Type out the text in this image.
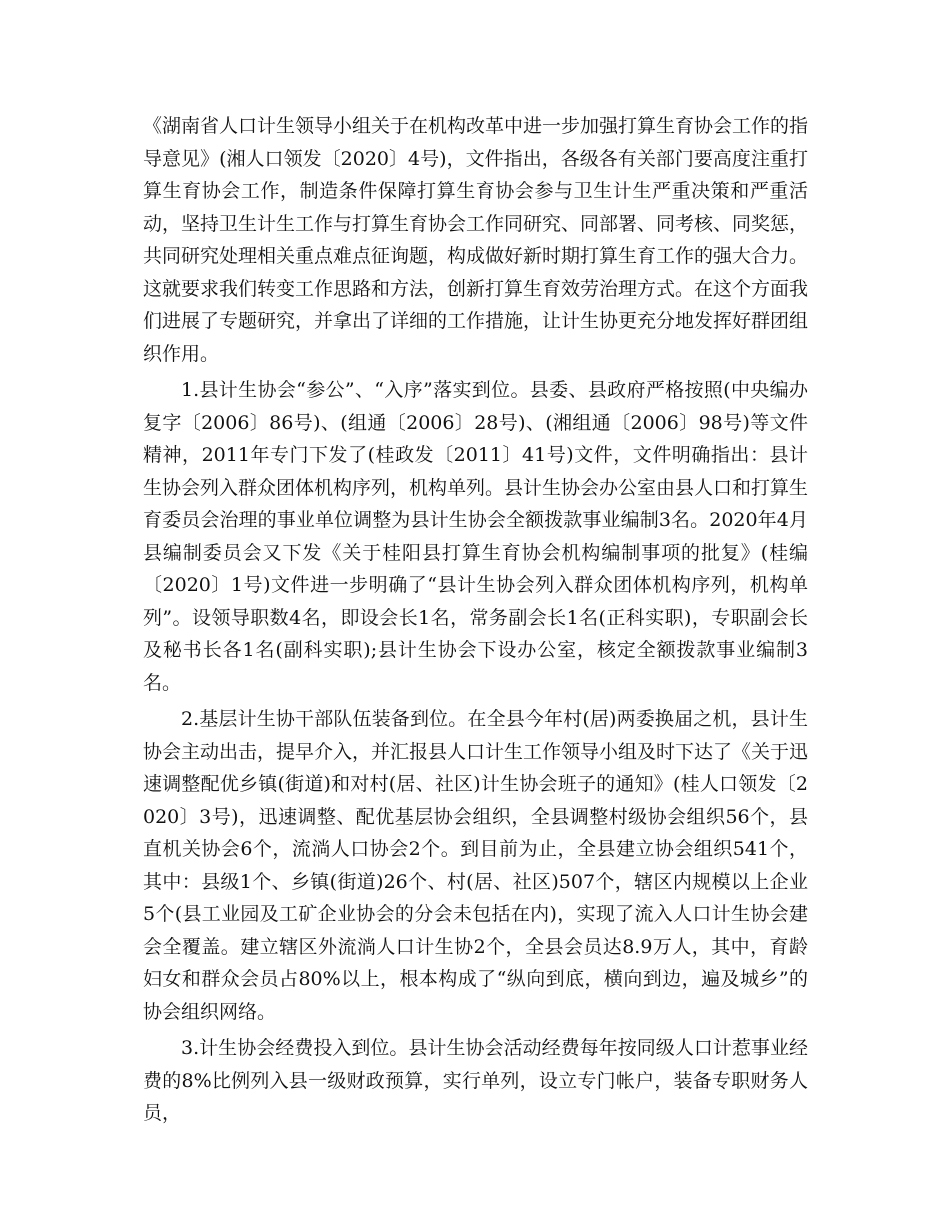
《湖南省人口计生领导小组关于在机构改革中进一步加强打算生育协会工作的指导意见》(湘人口领发〔2020〕4号)，文件指出，各级各有关部门要高度注重打算生育协会工作，制造条件保障打算生育协会参与卫生计生严重决策和严重活动，坚持卫生计生工作与打算生育协会工作同研究、同部署、同考核、同奖惩，共同研究处理相关重点难点征询题，构成做好新时期打算生育工作的强大合力。这就要求我们转变工作思路和方法，创新打算生育效劳治理方式。在这个方面我们进展了专题研究，并拿出了详细的工作措施，让计生协更充分地发挥好群团组织作用。

1.县计生协会“参公”、“入序”落实到位。县委、县政府严格按照(中央编办复字〔2006〕86号)、(组通〔2006〕28号)、(湘组通〔2006〕98号)等文件精神，2011年专门下发了(桂政发〔2011〕41号)文件，文件明确指出：县计生协会列入群众团体机构序列，机构单列。县计生协会办公室由县人口和打算生育委员会治理的事业单位调整为县计生协会全额拨款事业编制3名。2020年4月县编制委员会又下发《关于桂阳县打算生育协会机构编制事项的批复》(桂编〔2020〕1号)文件进一步明确了“县计生协会列入群众团体机构序列，机构单列”。设领导职数4名，即设会长1名，常务副会长1名(正科实职)，专职副会长及秘书长各1名(副科实职);县计生协会下设办公室，核定全额拨款事业编制3名。

2.基层计生协干部队伍装备到位。在全县今年村(居)两委换届之机，县计生协会主动出击，提早介入，并汇报县人口计生工作领导小组及时下达了《关于迅速调整配优乡镇(街道)和对村(居、社区)计生协会班子的通知》(桂人口领发〔2020〕3号)，迅速调整、配优基层协会组织，全县调整村级协会组织56个，县直机关协会6个，流淌人口协会2个。到目前为止，全县建立协会组织541个，其中：县级1个、乡镇(街道)26个、村(居、社区)507个，辖区内规模以上企业5个(县工业园及工矿企业协会的分会未包括在内)，实现了流入人口计生协会建会全覆盖。建立辖区外流淌人口计生协2个，全县会员达8.9万人，其中，育龄妇女和群众会员占80%以上，根本构成了“纵向到底，横向到边，遍及城乡”的协会组织网络。

3.计生协会经费投入到位。县计生协会活动经费每年按同级人口计惹事业经费的8%比例列入县一级财政预算，实行单列，设立专门帐户，装备专职财务人员，
